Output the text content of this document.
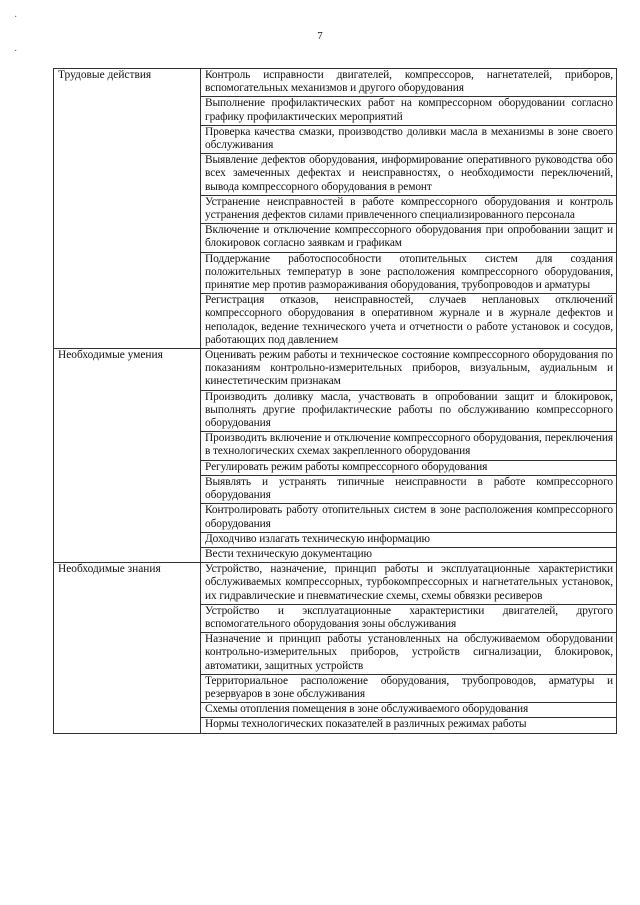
·
·
7
Трудовые действия	Контроль исправности двигателей, компрессоров, нагнетателей, приборов, вспомогательных механизмов и другого оборудования
	Выполнение профилактических работ на компрессорном оборудовании согласно графику профилактических мероприятий
	Проверка качества смазки, производство доливки масла в механизмы в зоне своего обслуживания
	Выявление дефектов оборудования, информирование оперативного руководства обо всех замеченных дефектах и неисправностях, о необходимости переключений, вывода компрессорного оборудования в ремонт
	Устранение неисправностей в работе компрессорного оборудования и контроль устранения дефектов силами привлеченного специализированного персонала
	Включение и отключение компрессорного оборудования при опробовании защит и блокировок согласно заявкам и графикам
	Поддержание работоспособности отопительных систем для создания положительных температур в зоне расположения компрессорного оборудования, принятие мер против размораживания оборудования, трубопроводов и арматуры
	Регистрация отказов, неисправностей, случаев неплановых отключений компрессорного оборудования в оперативном журнале и в журнале дефектов и неполадок, ведение технического учета и отчетности о работе установок и сосудов, работающих под давлением
Необходимые умения	Оценивать режим работы и техническое состояние компрессорного оборудования по показаниям контрольно-измерительных приборов, визуальным, аудиальным и кинестетическим признакам
	Производить доливку масла, участвовать в опробовании защит и блокировок, выполнять другие профилактические работы по обслуживанию компрессорного оборудования
	Производить включение и отключение компрессорного оборудования, переключения в технологических схемах закрепленного оборудования
	Регулировать режим работы компрессорного оборудования
	Выявлять и устранять типичные неисправности в работе компрессорного оборудования
	Контролировать работу отопительных систем в зоне расположения компрессорного оборудования
	Доходчиво излагать техническую информацию
	Вести техническую документацию
Необходимые знания	Устройство, назначение, принцип работы и эксплуатационные характеристики обслуживаемых компрессорных, турбокомпрессорных и нагнетательных установок, их гидравлические и пневматические схемы, схемы обвязки ресиверов
	Устройство и эксплуатационные характеристики двигателей, другого вспомогательного оборудования зоны обслуживания
	Назначение и принцип работы установленных на обслуживаемом оборудовании контрольно-измерительных приборов, устройств сигнализации, блокировок, автоматики, защитных устройств
	Территориальное расположение оборудования, трубопроводов, арматуры и резервуаров в зоне обслуживания
	Схемы отопления помещения в зоне обслуживаемого оборудования
	Нормы технологических показателей в различных режимах работы
